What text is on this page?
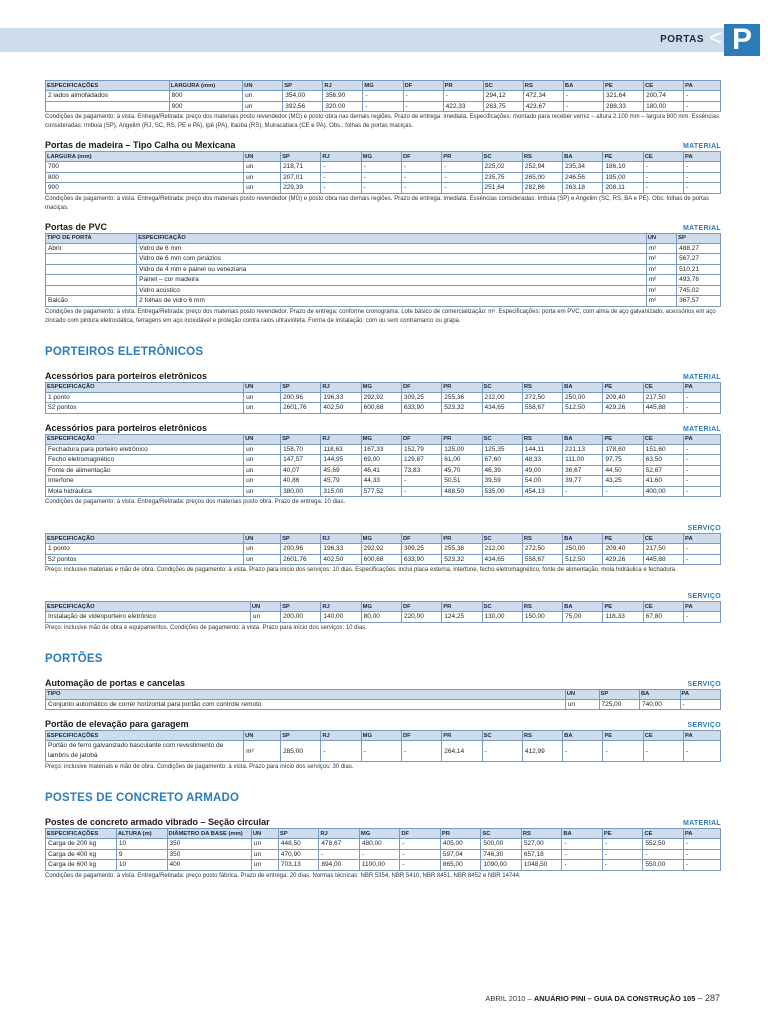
PORTAS < P
ESPECIFICAÇÕES	LARGURA (mm)	UN	SP	RJ	MG	DF	PR	SC	RS	BA	PE	CE	PA
2 lados almofadados	800	un	354,00	356,90	-	-	-	294,12	472,34	-	321,64	200,74	-
	900	un	392,56	320,00	-	-	422,33	263,75	423,67	-	288,33	180,00	-
Condições de pagamento: à vista. Entrega/Retirada: preço dos materiais posto revendedor (MG) e posto obra nas demais regiões. Prazo de entrega: imediata. Especificações: montado para receber verniz – altura 2.100 mm – largura 800 mm. Essências consideradas: Imbuia (SP), Angelim (RJ, SC, RS, PE e PA), Ipê (PA), Itaúba (RS), Muiracatiara (CE e PA). Obs.: folhas de portas maciças.
Portas de madeira – Tipo Calha ou Mexicana	MATERIAL
LARGURA (mm)	UN	SP	RJ	MG	DF	PR	SC	RS	BA	PE	CE	PA
700	un	218,71	-	-	-	-	225,02	252,94	235,34	186,10	-	-
800	un	207,01	-	-	-	-	235,75	265,00	246,56	195,00	-	-
900	un	229,39	-	-	-	-	251,64	282,86	263,18	208,11	-	-
Condições de pagamento: à vista. Entrega/Retirada: preço dos materiais posto revendedor (MG) e posto obra nas demais regiões. Prazo de entrega: imediata. Essências consideradas: Imbuia (SP) e Angelim (SC, RS, BA e PE). Obs: folhas de portas maciças.
Portas de PVC	MATERIAL
TIPO DE PORTA	ESPECIFICAÇÃO	UN	SP
Abrir	Vidro de 6 mm	m²	488,27
	Vidro de 6 mm com pinázios	m²	567,27
	Vidro de 4 mm e painel ou veneziana	m²	510,21
	Painel – cor madeira	m²	493,76
	Vidro acústico	m²	745,02
Balcão	2 folhas de vidro 6 mm	m²	367,57
Condições de pagamento: à vista. Entrega/Retirada: preço dos materiais posto revendedor. Prazo de entrega: conforme cronograma. Lote básico de comercialização: m². Especificações: porta em PVC, com alma de aço galvanizado, acessórios em aço zincado com pintura eletrostática, ferragens em aço inoxidável e proteção contra raios ultravioleta. Forma de instalação: com ou sem contramarco ou grapa.
PORTEIROS ELETRÔNICOS
Acessórios para porteiros eletrônicos	MATERIAL
ESPECIFICAÇÃO	UN	SP	RJ	MG	DF	PR	SC	RS	BA	PE	CE	PA
1 ponto	un	200,96	196,33	292,92	309,25	255,36	212,00	272,50	250,00	209,40	217,50	-
52 pontos	un	2601,76	402,50	600,68	633,90	523,32	434,65	558,67	512,50	429,26	445,88	-
Acessórios para porteiros eletrônicos	MATERIAL
ESPECIFICAÇÃO	UN	SP	RJ	MG	DF	PR	SC	RS	BA	PE	CE	PA
Fechadura para porteiro eletrônico	un	158,70	118,63	167,33	152,79	125,00	125,35	144,11	221,13	178,60	151,60	-
Fecho eletromagnético	un	147,57	144,95	69,00	129,87	61,00	67,60	48,33	111,00	97,75	63,50	-
Fonte de alimentação	un	40,07	45,69	46,41	73,83	45,70	46,39	49,00	36,67	44,50	52,67	-
Interfone	un	40,86	45,79	44,33	-	50,51	39,59	54,00	39,77	43,25	41,60	-
Mola hidráulica	un	380,00	315,00	577,52	-	488,50	535,00	454,13	-	-	400,00	-
Condições de pagamento: à vista. Entrega/Retirada: preços dos materiais posto obra. Prazo de entrega: 10 dias.
SERVIÇO
ESPECIFICAÇÃO	UN	SP	RJ	MG	DF	PR	SC	RS	BA	PE	CE	PA
1 ponto	un	200,96	196,33	292,92	309,25	255,36	212,00	272,50	250,00	209,40	217,50	-
52 pontos	un	2601,76	402,50	600,68	633,90	523,32	434,65	558,67	512,50	429,26	445,88	-
Preço: inclusive materiais e mão de obra. Condições de pagamento: à vista. Prazo para início dos serviços: 10 dias. Especificações: inclui placa externa, interfone, fecho eletromagnético, fonte de alimentação, mola hidráulica e fechadura.
SERVIÇO
ESPECIFICAÇÃO	UN	SP	RJ	MG	DF	PR	SC	RS	BA	PE	CE	PA
Instalação de videoporteiro eletrônico	un	200,00	140,00	80,00	220,00	124,25	130,00	150,00	75,00	118,33	67,80	-
Preço: inclusive mão de obra e equipamentos. Condições de pagamento: à vista. Prazo para início dos serviços: 10 dias.
PORTÕES
Automação de portas e cancelas	SERVIÇO
TIPO	UN	SP	BA	PA
Conjunto automático de correr horizontal para portão com controle remoto	un	725,00	740,00	-
Portão de elevação para garagem	SERVIÇO
ESPECIFICAÇÕES	UN	SP	RJ	MG	DF	PR	SC	RS	BA	PE	CE	PA
Portão de ferro galvanizado basculante com revestimento de lambris de jatobá	m²	285,00	-	-	-	264,14	-	412,99	-	-	-	-
Preço: inclusive materiais e mão de obra. Condições de pagamento: à vista. Prazo para início dos serviços: 30 dias.
POSTES DE CONCRETO ARMADO
Postes de concreto armado vibrado – Seção circular	MATERIAL
ESPECIFICAÇÕES	ALTURA (m)	DIÂMETRO DA BASE (mm)	UN	SP	RJ	MG	DF	PR	SC	RS	BA	PE	CE	PA
Carga de 200 kg	10	350	un	448,50	478,67	480,00	-	405,00	500,00	527,00	-	-	552,50	-
Carga de 400 kg	9	350	un	470,90	-	-	-	597,04	746,30	657,18	-	-	-	-
Carga de 600 kg	10	400	un	703,13	894,00	1100,00	-	865,00	1090,00	1048,50	-	-	550,00	-
Condições de pagamento: à vista. Entrega/Retirada: preço posto fábrica. Prazo de entrega: 20 dias. Normas técnicas: NBR 5354, NBR 5410, NBR 8451, NBR 8452 e NBR 14744.
ABRIL 2010 – ANUÁRIO PINI – GUIA DA CONSTRUÇÃO 105 – 287
